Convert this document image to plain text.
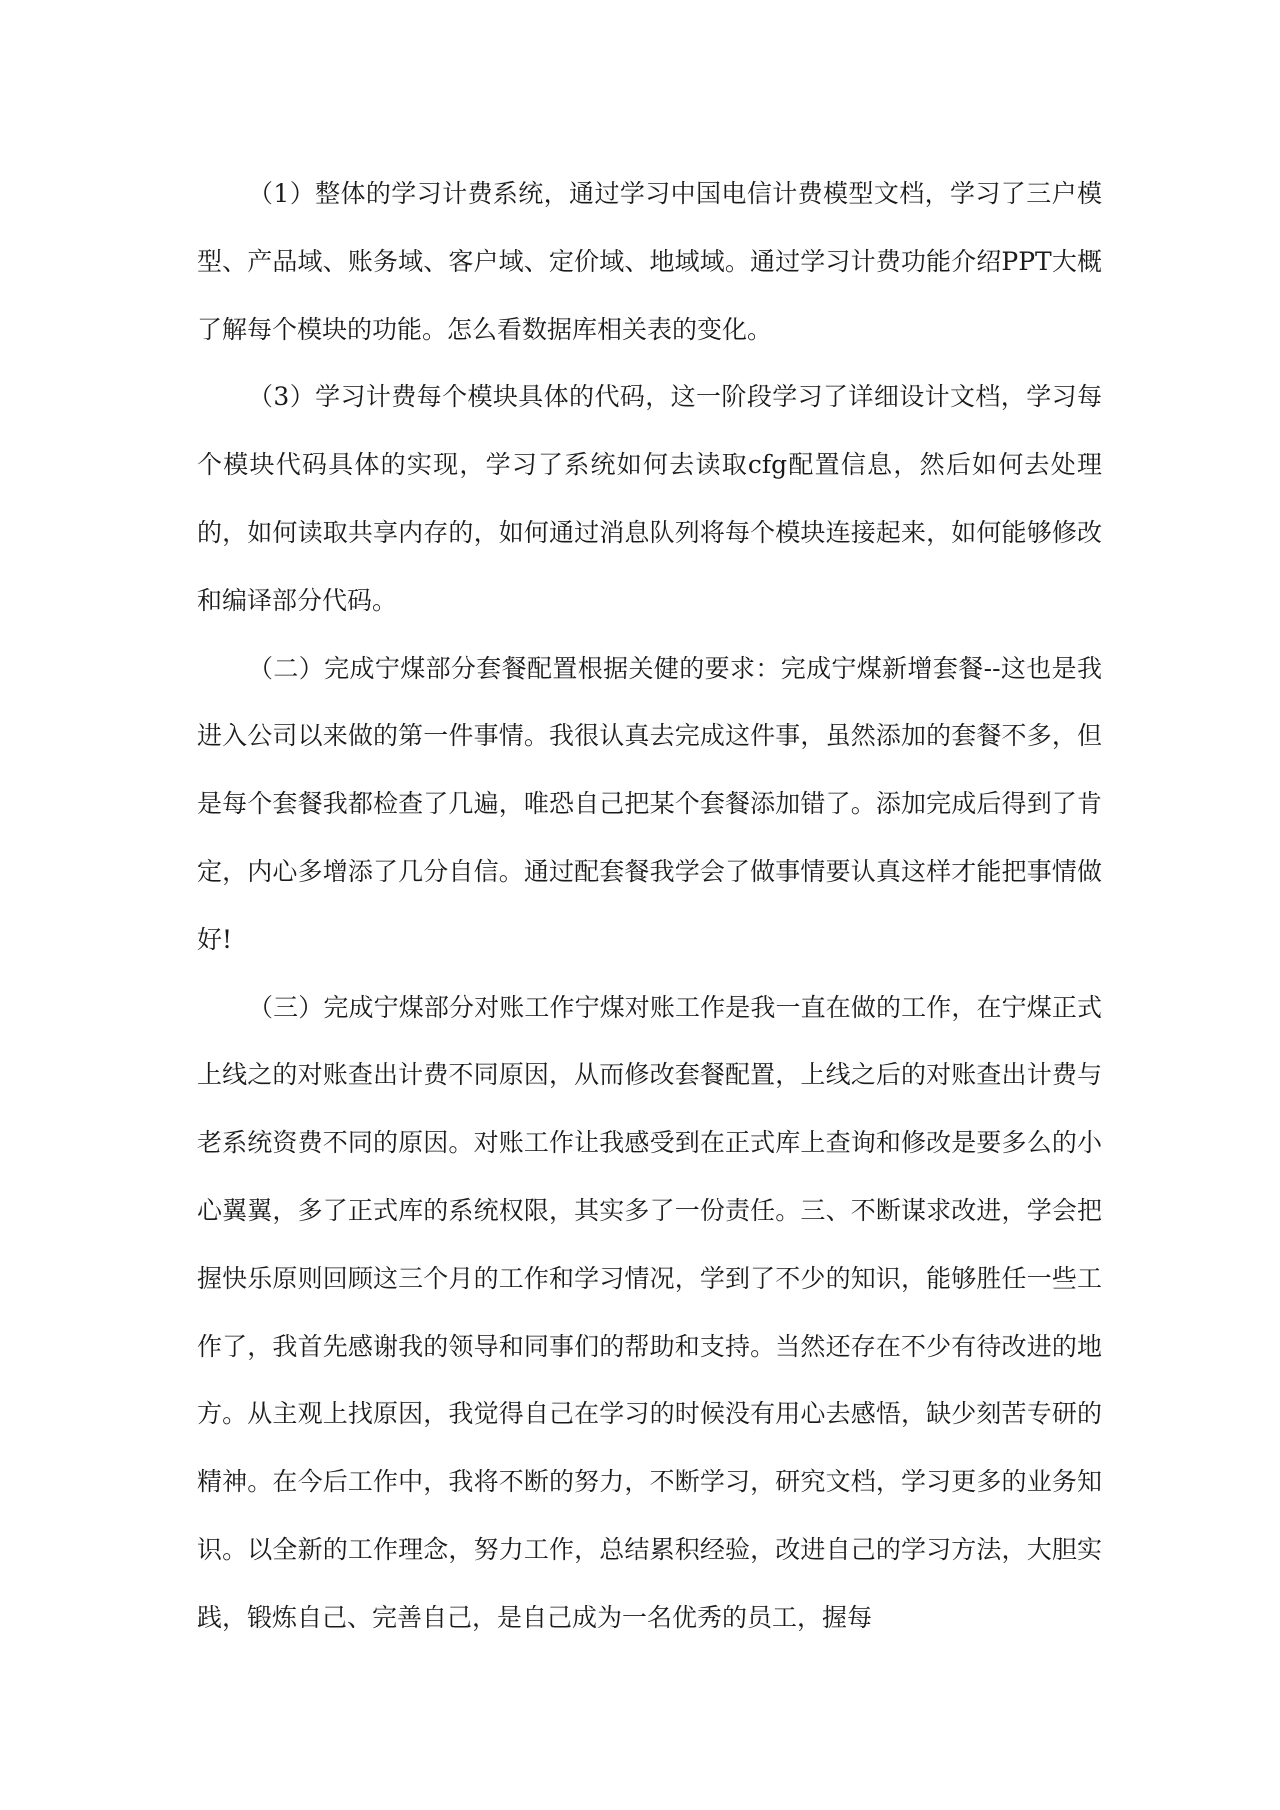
（1）整体的学习计费系统，通过学习中国电信计费模型文档，学习了三户模型、产品域、账务域、客户域、定价域、地域域。通过学习计费功能介绍PPT大概了解每个模块的功能。怎么看数据库相关表的变化。

（3）学习计费每个模块具体的代码，这一阶段学习了详细设计文档，学习每个模块代码具体的实现，学习了系统如何去读取cfg配置信息，然后如何去处理的，如何读取共享内存的，如何通过消息队列将每个模块连接起来，如何能够修改和编译部分代码。

（二）完成宁煤部分套餐配置根据关健的要求：完成宁煤新增套餐--这也是我进入公司以来做的第一件事情。我很认真去完成这件事，虽然添加的套餐不多，但是每个套餐我都检查了几遍，唯恐自己把某个套餐添加错了。添加完成后得到了肯定，内心多增添了几分自信。通过配套餐我学会了做事情要认真这样才能把事情做好!

（三）完成宁煤部分对账工作宁煤对账工作是我一直在做的工作，在宁煤正式上线之的对账查出计费不同原因，从而修改套餐配置，上线之后的对账查出计费与老系统资费不同的原因。对账工作让我感受到在正式库上查询和修改是要多么的小心翼翼，多了正式库的系统权限，其实多了一份责任。三、不断谋求改进，学会把握快乐原则回顾这三个月的工作和学习情况，学到了不少的知识，能够胜任一些工作了，我首先感谢我的领导和同事们的帮助和支持。当然还存在不少有待改进的地方。从主观上找原因，我觉得自己在学习的时候没有用心去感悟，缺少刻苦专研的精神。在今后工作中，我将不断的努力，不断学习，研究文档，学习更多的业务知识。以全新的工作理念，努力工作，总结累积经验，改进自己的学习方法，大胆实践，锻炼自己、完善自己，是自己成为一名优秀的员工，握每
